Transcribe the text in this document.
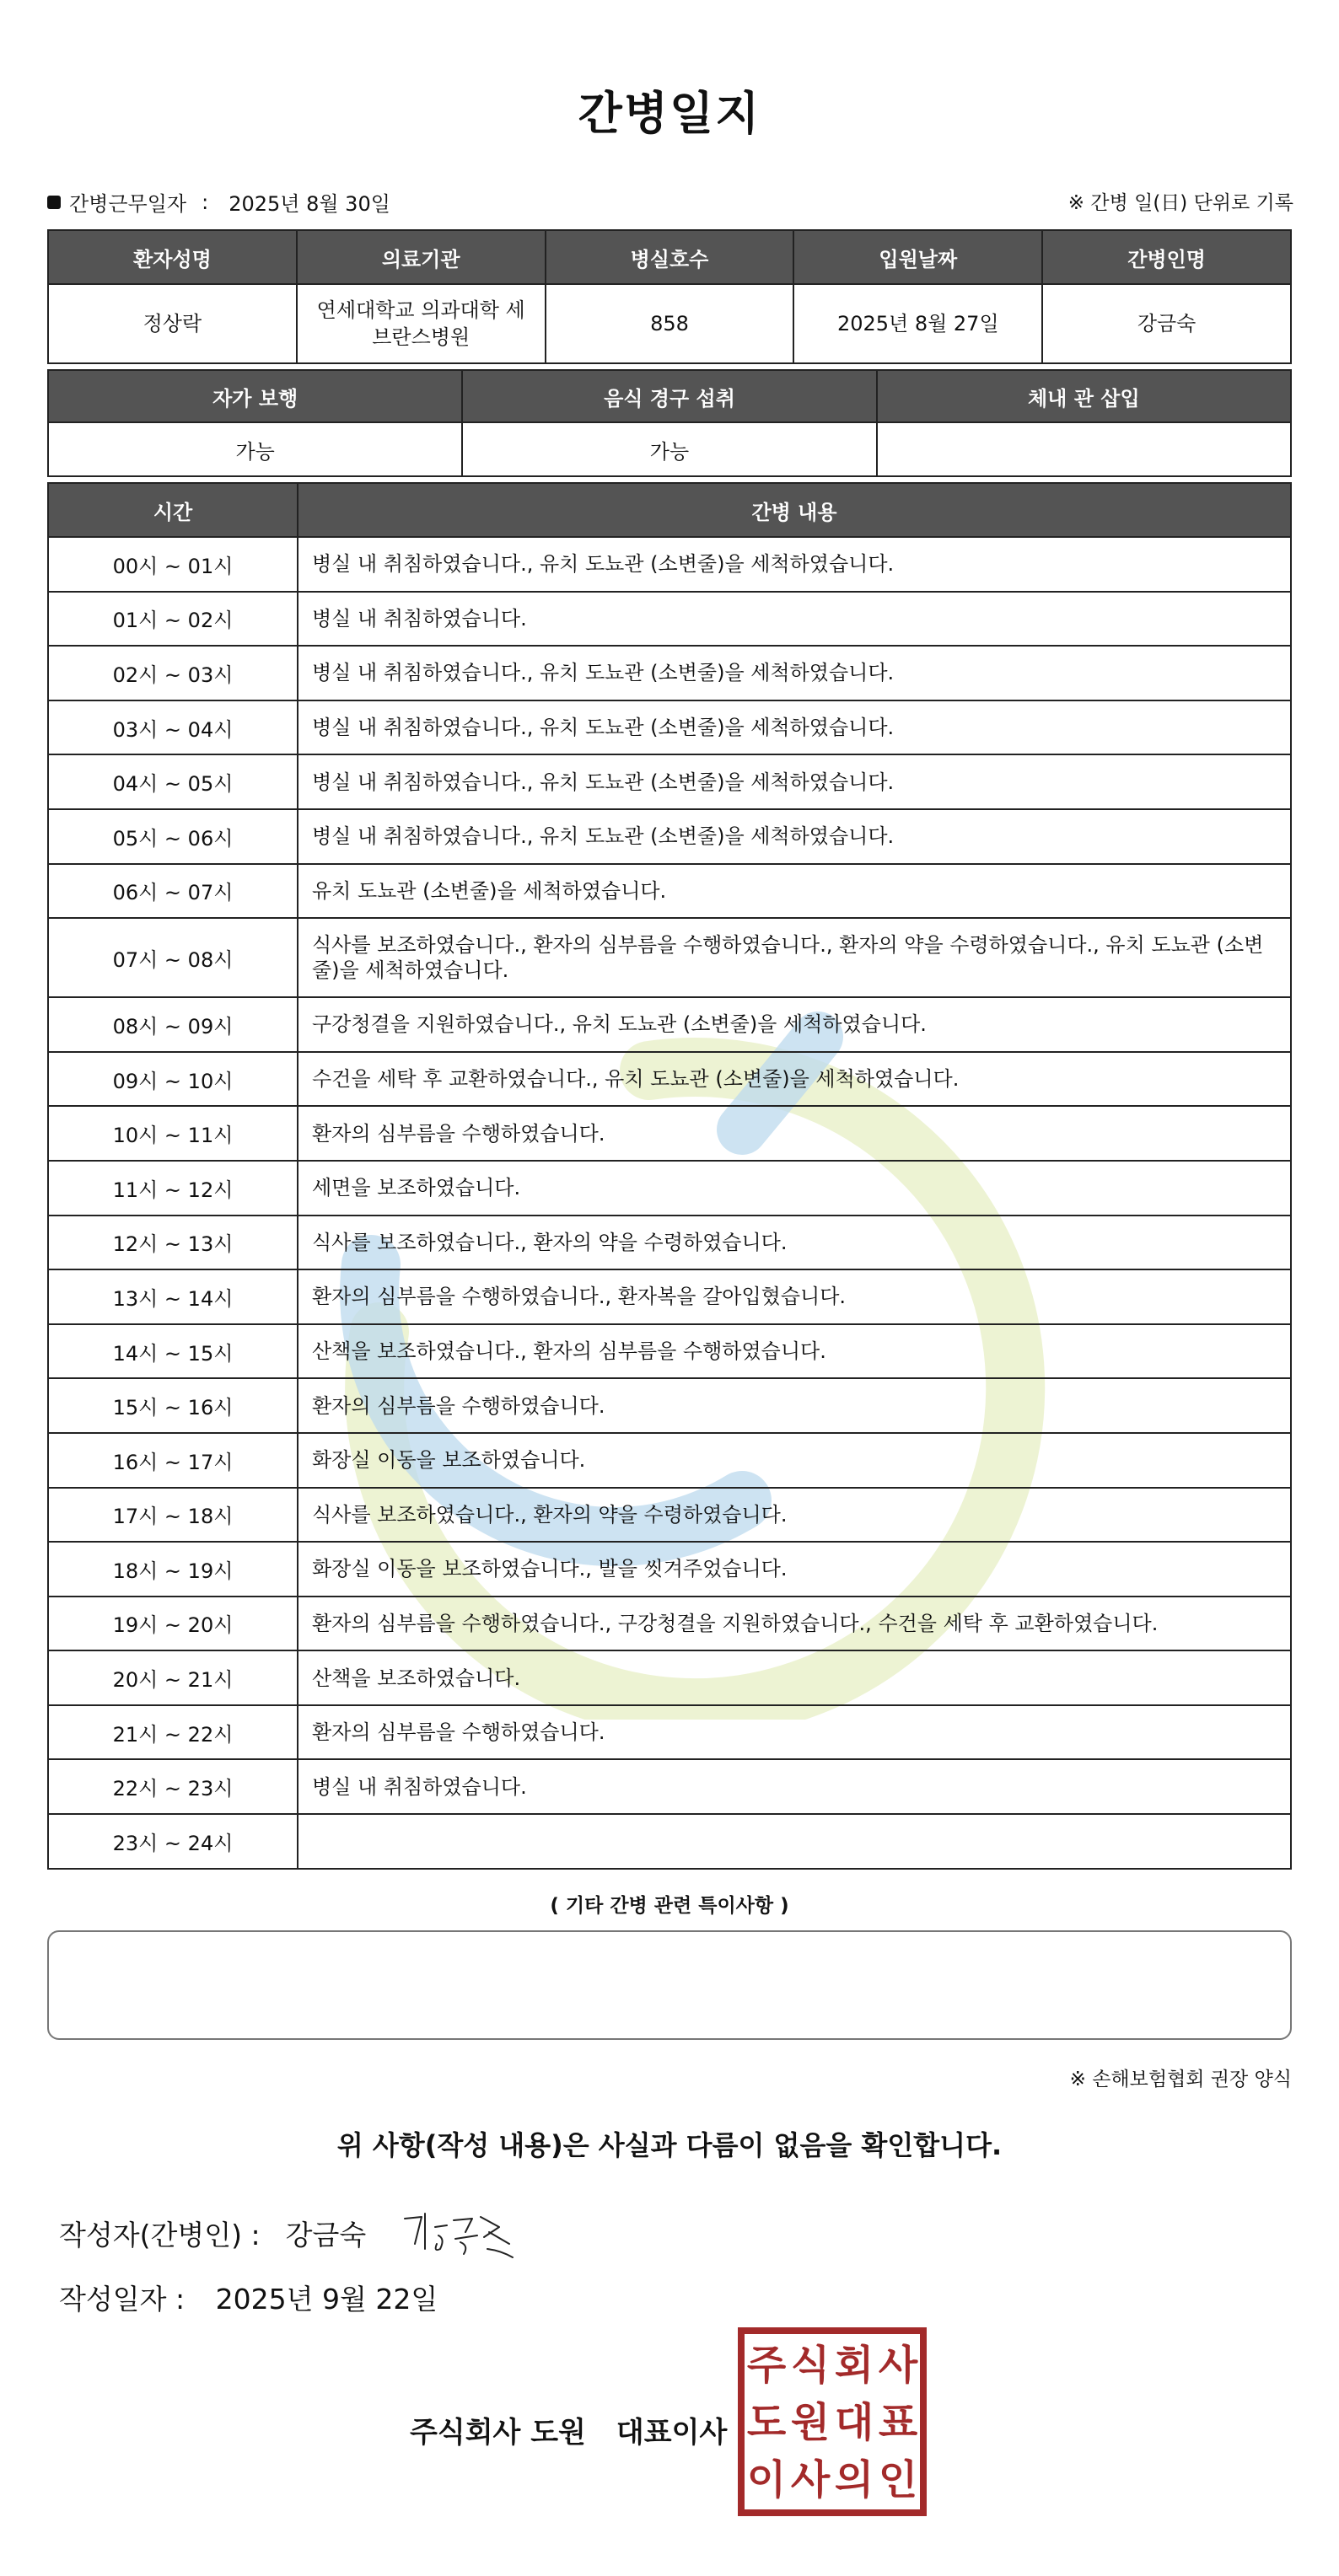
간병일지
간병근무일자 : 2025년 8월 30일	※ 간병 일(日) 단위로 기록
환자성명	의료기관	병실호수	입원날짜	간병인명
정상락	연세대학교 의과대학 세브란스병원	858	2025년 8월 27일	강금숙
자가 보행	음식 경구 섭취	체내 관 삽입
가능	가능	
시간	간병 내용
00시 ~ 01시	병실 내 취침하였습니다., 유치 도뇨관 (소변줄)을 세척하였습니다.
01시 ~ 02시	병실 내 취침하였습니다.
02시 ~ 03시	병실 내 취침하였습니다., 유치 도뇨관 (소변줄)을 세척하였습니다.
03시 ~ 04시	병실 내 취침하였습니다., 유치 도뇨관 (소변줄)을 세척하였습니다.
04시 ~ 05시	병실 내 취침하였습니다., 유치 도뇨관 (소변줄)을 세척하였습니다.
05시 ~ 06시	병실 내 취침하였습니다., 유치 도뇨관 (소변줄)을 세척하였습니다.
06시 ~ 07시	유치 도뇨관 (소변줄)을 세척하였습니다.
07시 ~ 08시	식사를 보조하였습니다., 환자의 심부름을 수행하였습니다., 환자의 약을 수령하였습니다., 유치 도뇨관 (소변줄)을 세척하였습니다.
08시 ~ 09시	구강청결을 지원하였습니다., 유치 도뇨관 (소변줄)을 세척하였습니다.
09시 ~ 10시	수건을 세탁 후 교환하였습니다., 유치 도뇨관 (소변줄)을 세척하였습니다.
10시 ~ 11시	환자의 심부름을 수행하였습니다.
11시 ~ 12시	세면을 보조하였습니다.
12시 ~ 13시	식사를 보조하였습니다., 환자의 약을 수령하였습니다.
13시 ~ 14시	환자의 심부름을 수행하였습니다., 환자복을 갈아입혔습니다.
14시 ~ 15시	산책을 보조하였습니다., 환자의 심부름을 수행하였습니다.
15시 ~ 16시	환자의 심부름을 수행하였습니다.
16시 ~ 17시	화장실 이동을 보조하였습니다.
17시 ~ 18시	식사를 보조하였습니다., 환자의 약을 수령하였습니다.
18시 ~ 19시	화장실 이동을 보조하였습니다., 발을 씻겨주었습니다.
19시 ~ 20시	환자의 심부름을 수행하였습니다., 구강청결을 지원하였습니다., 수건을 세탁 후 교환하였습니다.
20시 ~ 21시	산책을 보조하였습니다.
21시 ~ 22시	환자의 심부름을 수행하였습니다.
22시 ~ 23시	병실 내 취침하였습니다.
23시 ~ 24시	
( 기타 간병 관련 특이사항 )
※ 손해보험협회 권장 양식
위 사항(작성 내용)은 사실과 다름이 없음을 확인합니다.
작성자(간병인) : 강금숙
작성일자 : 2025년 9월 22일
주식회사 도원 대표이사
주 식 회 사
도 원 대 표
이 사 의 인
